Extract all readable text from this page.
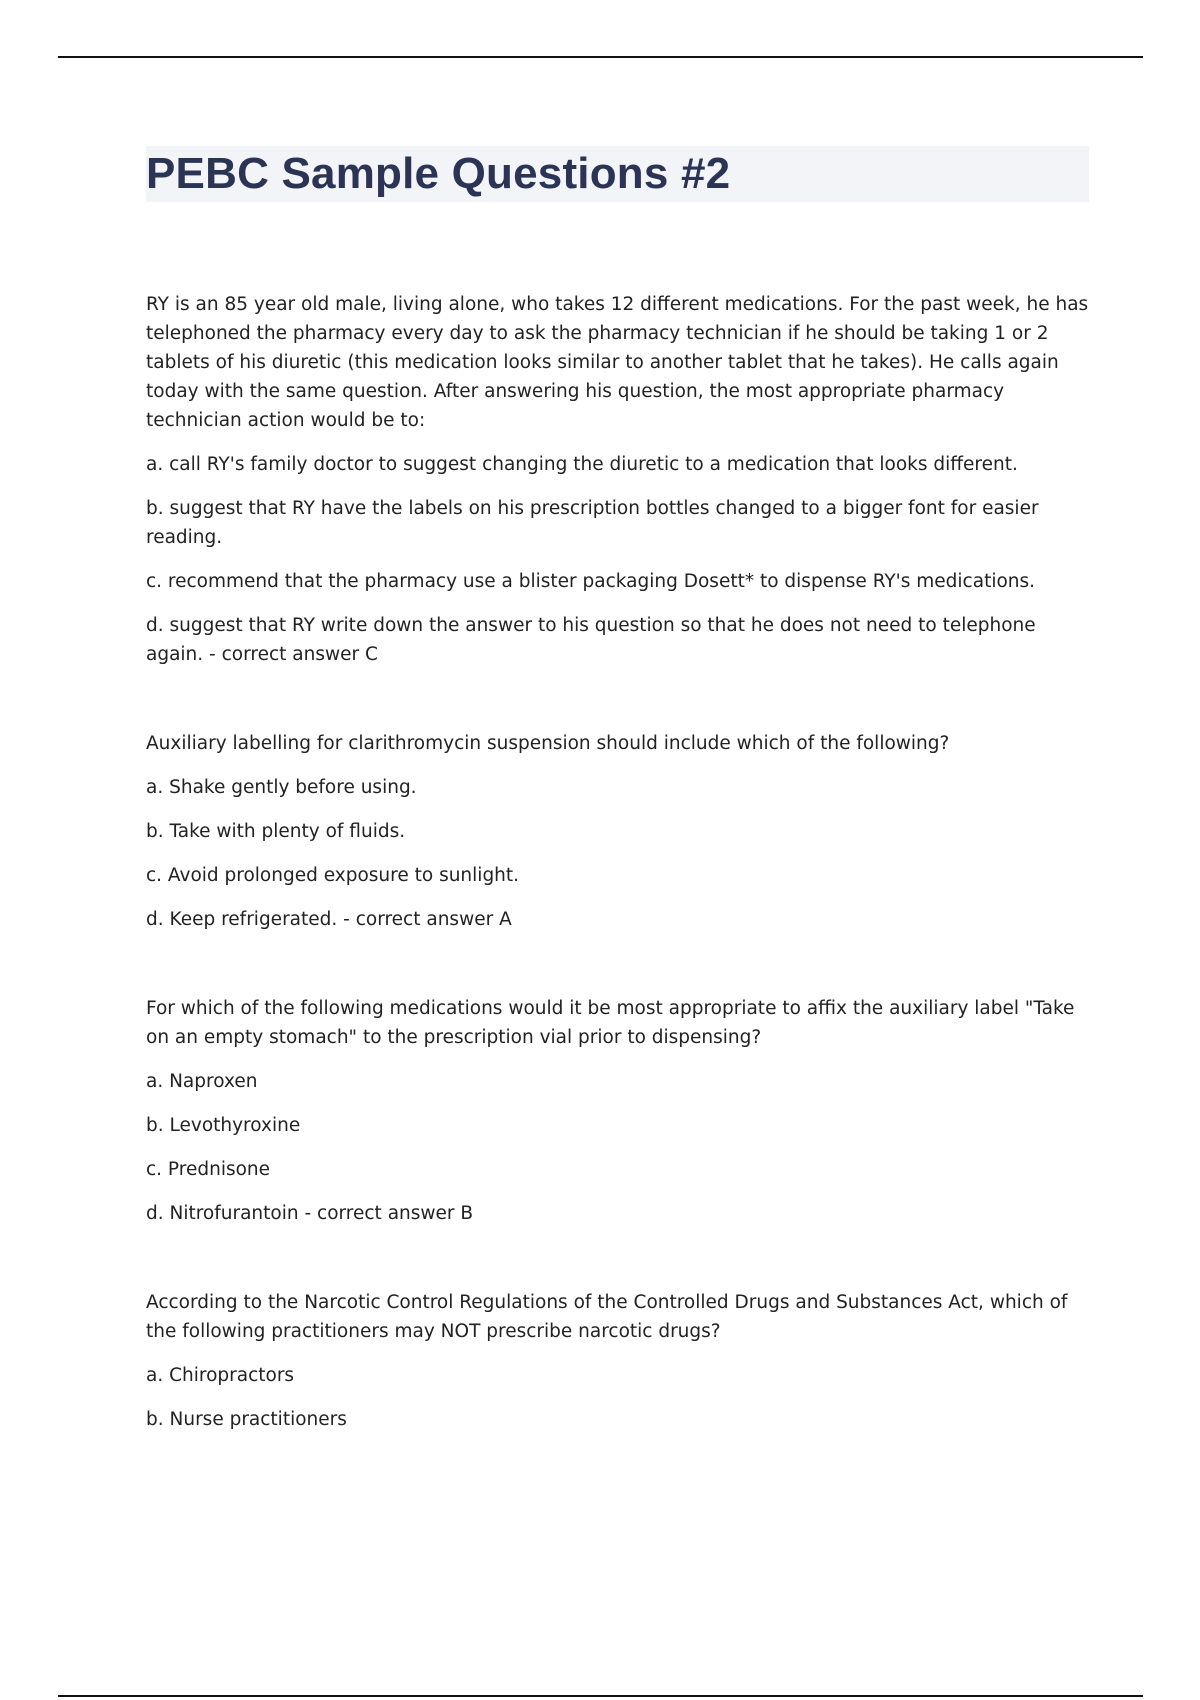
PEBC Sample Questions #2

RY is an 85 year old male, living alone, who takes 12 different medications. For the past week, he has telephoned the pharmacy every day to ask the pharmacy technician if he should be taking 1 or 2 tablets of his diuretic (this medication looks similar to another tablet that he takes). He calls again today with the same question. After answering his question, the most appropriate pharmacy technician action would be to:

a. call RY's family doctor to suggest changing the diuretic to a medication that looks different.

b. suggest that RY have the labels on his prescription bottles changed to a bigger font for easier reading.

c. recommend that the pharmacy use a blister packaging Dosett* to dispense RY's medications.

d. suggest that RY write down the answer to his question so that he does not need to telephone again. - correct answer C

Auxiliary labelling for clarithromycin suspension should include which of the following?

a. Shake gently before using.

b. Take with plenty of fluids.

c. Avoid prolonged exposure to sunlight.

d. Keep refrigerated. - correct answer A

For which of the following medications would it be most appropriate to affix the auxiliary label "Take on an empty stomach" to the prescription vial prior to dispensing?

a. Naproxen

b. Levothyroxine

c. Prednisone

d. Nitrofurantoin - correct answer B

According to the Narcotic Control Regulations of the Controlled Drugs and Substances Act, which of the following practitioners may NOT prescribe narcotic drugs?

a. Chiropractors

b. Nurse practitioners
